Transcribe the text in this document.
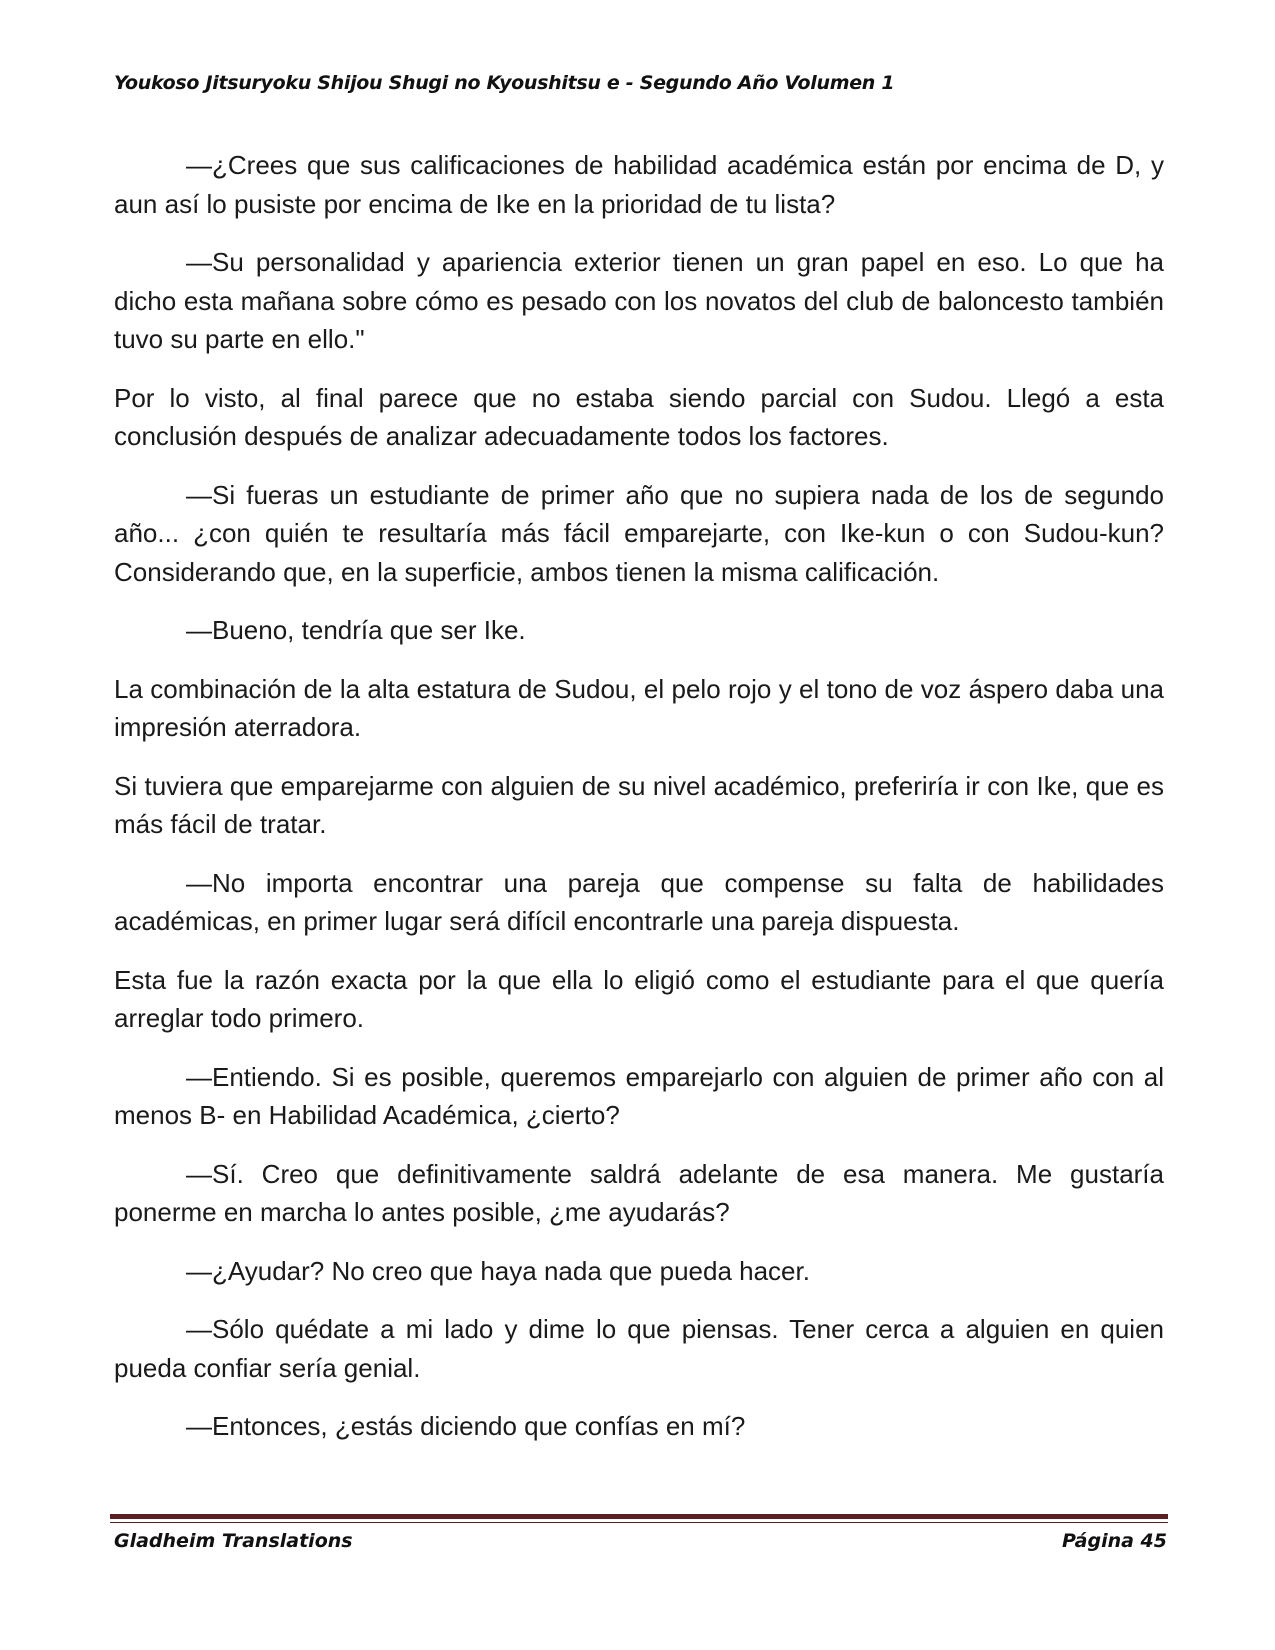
Youkoso Jitsuryoku Shijou Shugi no Kyoushitsu e - Segundo Año Volumen 1

—¿Crees que sus calificaciones de habilidad académica están por encima de D, y aun así lo pusiste por encima de Ike en la prioridad de tu lista?

—Su personalidad y apariencia exterior tienen un gran papel en eso. Lo que ha dicho esta mañana sobre cómo es pesado con los novatos del club de baloncesto también tuvo su parte en ello."

Por lo visto, al final parece que no estaba siendo parcial con Sudou. Llegó a esta conclusión después de analizar adecuadamente todos los factores.

—Si fueras un estudiante de primer año que no supiera nada de los de segundo año... ¿con quién te resultaría más fácil emparejarte, con Ike-kun o con Sudou-kun? Considerando que, en la superficie, ambos tienen la misma calificación.

—Bueno, tendría que ser Ike.

La combinación de la alta estatura de Sudou, el pelo rojo y el tono de voz áspero daba una impresión aterradora.

Si tuviera que emparejarme con alguien de su nivel académico, preferiría ir con Ike, que es más fácil de tratar.

—No importa encontrar una pareja que compense su falta de habilidades académicas, en primer lugar será difícil encontrarle una pareja dispuesta.

Esta fue la razón exacta por la que ella lo eligió como el estudiante para el que quería arreglar todo primero.

—Entiendo. Si es posible, queremos emparejarlo con alguien de primer año con al menos B- en Habilidad Académica, ¿cierto?

—Sí. Creo que definitivamente saldrá adelante de esa manera. Me gustaría ponerme en marcha lo antes posible, ¿me ayudarás?

—¿Ayudar? No creo que haya nada que pueda hacer.

—Sólo quédate a mi lado y dime lo que piensas. Tener cerca a alguien en quien pueda confiar sería genial.

—Entonces, ¿estás diciendo que confías en mí?

Gladheim Translations	Página 45
